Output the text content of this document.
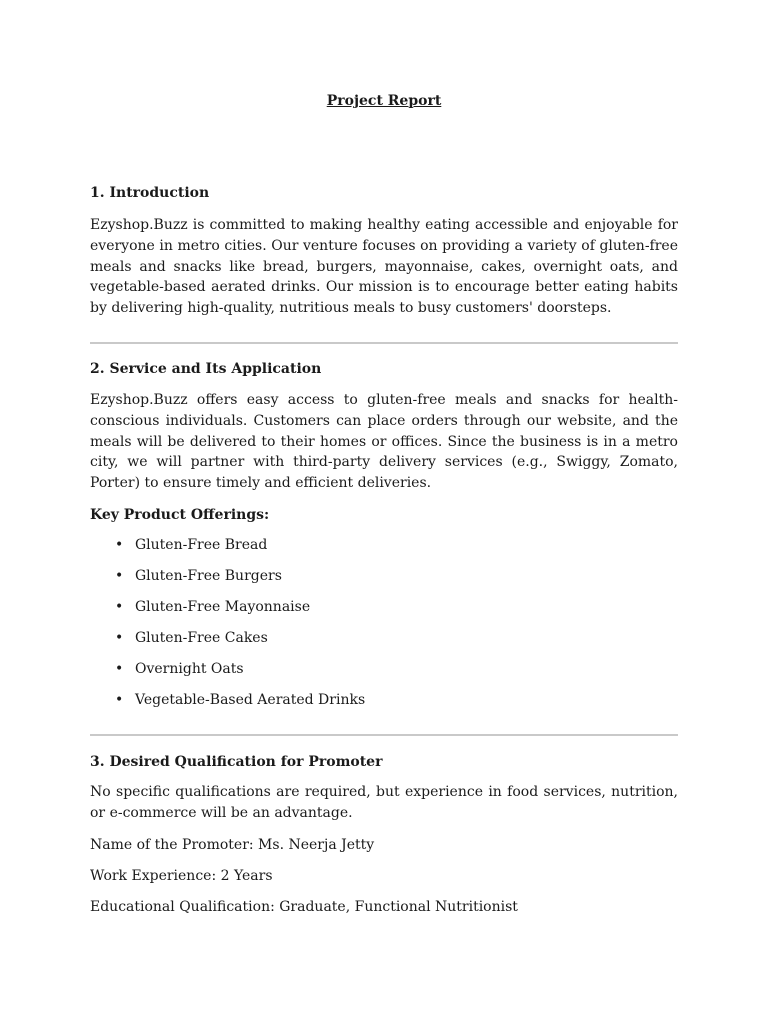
Project Report
1. Introduction

Ezyshop.Buzz is committed to making healthy eating accessible and enjoyable for everyone in metro cities. Our venture focuses on providing a variety of gluten-free meals and snacks like bread, burgers, mayonnaise, cakes, overnight oats, and vegetable-based aerated drinks. Our mission is to encourage better eating habits by delivering high-quality, nutritious meals to busy customers' doorsteps.

2. Service and Its Application

Ezyshop.Buzz offers easy access to gluten-free meals and snacks for health-conscious individuals. Customers can place orders through our website, and the meals will be delivered to their homes or offices. Since the business is in a metro city, we will partner with third-party delivery services (e.g., Swiggy, Zomato, Porter) to ensure timely and efficient deliveries.

Key Product Offerings:

• Gluten-Free Bread
• Gluten-Free Burgers
• Gluten-Free Mayonnaise
• Gluten-Free Cakes
• Overnight Oats
• Vegetable-Based Aerated Drinks
3. Desired Qualification for Promoter

No specific qualifications are required, but experience in food services, nutrition, or e-commerce will be an advantage.

Name of the Promoter: Ms. Neerja Jetty

Work Experience: 2 Years

Educational Qualification: Graduate, Functional Nutritionist
